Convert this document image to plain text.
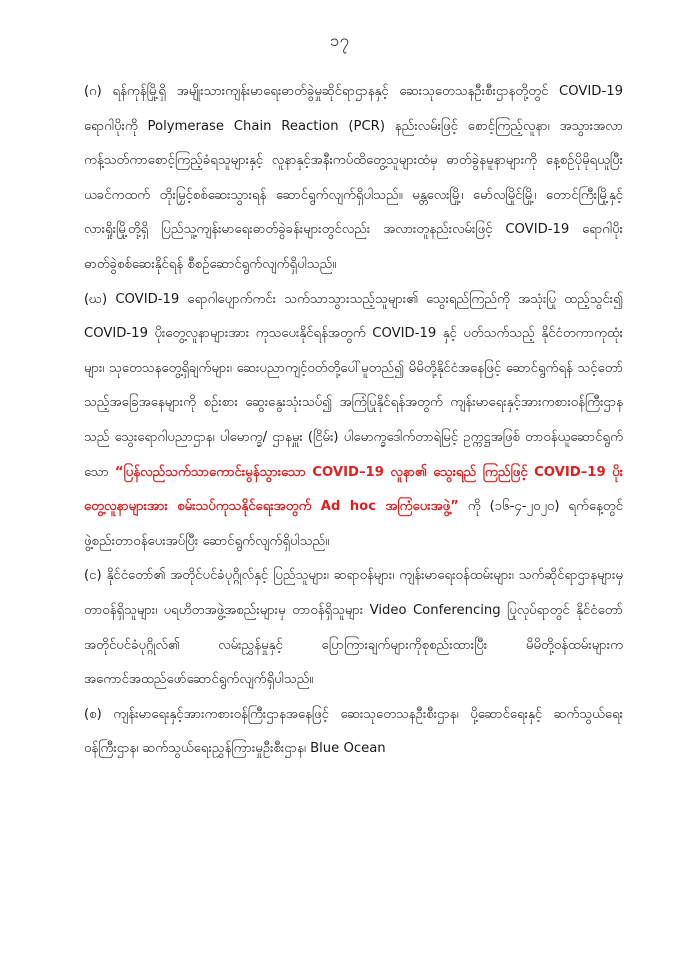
၁၇

(ဂ) ရန်ကုန်မြို့ရှိ အမျိုးသားကျန်းမာရေးဓာတ်ခွဲမှုဆိုင်ရာဌာနနှင့် ဆေးသုတေသနဦးစီးဌာနတို့တွင် COVID-19 ရောဂါပိုးကို Polymerase Chain Reaction (PCR) နည်းလမ်းဖြင့် စောင့်ကြည့်လူနာ၊ အသွားအလာကန့်သတ်ကာစောင့်ကြည့်ခံရသူများနှင့် လူနာနှင့်အနီးကပ်ထိတွေ့သူများထံမှ ဓာတ်ခွဲနမူနာများကို နေ့စဉ်ပိုမိုရယူပြီး ယခင်ကထက် တိုးမြှင့်စစ်ဆေးသွားရန် ဆောင်ရွက်လျက်ရှိပါသည်။ မန္တလေးမြို့၊ မော်လမြိုင်မြို့၊ တောင်ကြီးမြို့နှင့် လားရှိုးမြို့တို့ရှိ ပြည်သူ့ကျန်းမာရေးဓာတ်ခွဲခန်းများတွင်လည်း အလားတူနည်းလမ်းဖြင့် COVID-19 ရောဂါပိုး ဓာတ်ခွဲစစ်ဆေးနိုင်ရန် စီစဉ်ဆောင်ရွက်လျက်ရှိပါသည်။

(ဃ) COVID-19 ရောဂါပျောက်ကင်း သက်သာသွားသည့်သူများ၏ သွေးရည်ကြည်ကို အသုံးပြု ထည့်သွင်း၍ COVID-19 ပိုးတွေ့လူနာများအား ကုသပေးနိုင်ရန်အတွက် COVID-19 နှင့် ပတ်သက်သည့် နိုင်ငံတကာကုထုံးများ၊ သုတေသနတွေ့ရှိချက်များ၊ ဆေးပညာကျင့်ဝတ်တို့ပေါ်မူတည်၍ မိမိတို့နိုင်ငံအနေဖြင့် ဆောင်ရွက်ရန် သင့်တော်သည့်အခြေအနေများကို စဉ်းစား ဆွေးနွေးသုံးသပ်၍ အကြံပြုနိုင်ရန်အတွက် ကျန်းမာရေးနှင့်အားကစားဝန်ကြီးဌာနသည် သွေးရောဂါပညာဌာန၊ ပါမောက္ခ/ ဌာနမှူး (ငြိမ်း) ပါမောက္ခဒေါက်တာရဲမြင့် ဥက္ကဋ္ဌအဖြစ် တာဝန်ယူဆောင်ရွက်သော “ပြန်လည်သက်သာကောင်းမွန်သွားသော COVID–19 လူနာ၏ သွေးရည် ကြည်ဖြင့် COVID–19 ပိုးတွေ့လူနာများအား စမ်းသပ်ကုသနိုင်ရေးအတွက် Ad hoc အကြံပေးအဖွဲ့” ကို (၁၆-၄-၂၀၂၀) ရက်နေ့တွင် ဖွဲ့စည်းတာဝန်ပေးအပ်ပြီး ဆောင်ရွက်လျက်ရှိပါသည်။

(င) နိုင်ငံတော်၏ အတိုင်ပင်ခံပုဂ္ဂိုလ်နှင့် ပြည်သူများ၊ ဆရာဝန်များ၊ ကျန်းမာရေးဝန်ထမ်းများ၊ သက်ဆိုင်ရာဌာနများမှ တာဝန်ရှိသူများ၊ ပရဟိတအဖွဲ့အစည်းများမှ တာဝန်ရှိသူများ Video Conferencing ပြုလုပ်ရာတွင် နိုင်ငံတော်အတိုင်ပင်ခံပုဂ္ဂိုလ်၏ လမ်းညွှန်မှုနှင့် ပြောကြားချက်များကိုစုစည်းထားပြီး မိမိတို့ဝန်ထမ်းများက အကောင်အထည်ဖော်ဆောင်ရွက်လျက်ရှိပါသည်။

(စ) ကျန်းမာရေးနှင့်အားကစားဝန်ကြီးဌာနအနေဖြင့် ဆေးသုတေသနဦးစီးဌာန၊ ပို့ဆောင်ရေးနှင့် ဆက်သွယ်ရေးဝန်ကြီးဌာန၊ ဆက်သွယ်ရေးညွှန်ကြားမှုဦးစီးဌာန၊ Blue Ocean
